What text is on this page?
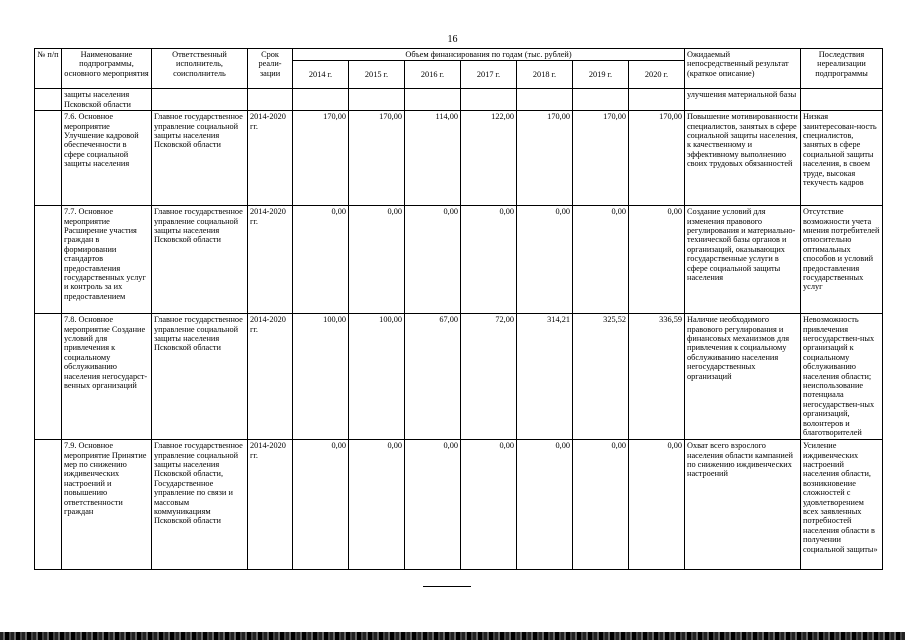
16
№ п/п	Наименование подпрограммы, основного мероприятия	Ответственный исполнитель, соисполнитель	Срок реали-зации	Объем финансирования по годам (тыс. рублей)							Ожидаемый непосредственный результат (краткое описание)	Последствия нереализации подпрограммы
				2014 г.	2015 г.	2016 г.	2017 г.	2018 г.	2019 г.	2020 г.		
	защиты населения Псковской области										улучшения материальной базы	
	7.6. Основное мероприятие Улучшение кадровой обеспеченности в сфере социальной защиты населения	Главное государственное управление социальной защиты населения Псковской области	2014-2020 гг.	170,00	170,00	114,00	122,00	170,00	170,00	170,00	Повышение мотивированности специалистов, занятых в сфере социальной защиты населения, к качественному и эффективному выполнению своих трудовых обязанностей	Низкая заинтересован-ность специалистов, занятых в сфере социальной защиты населения, в своем труде, высокая текучесть кадров
	7.7. Основное мероприятие Расширение участия граждан в формировании стандартов предоставления государственных услуг и контроль за их предоставлением	Главное государственное управление социальной защиты населения Псковской области	2014-2020 гг.	0,00	0,00	0,00	0,00	0,00	0,00	0,00	Создание условий для изменения правового регулирования и материально-технической базы органов и организаций, оказывающих государственные услуги в сфере социальной защиты населения	Отсутствие возможности учета мнения потребителей относительно оптимальных способов и условий предоставления государственных услуг
	7.8. Основное мероприятие Создание условий для привлечения к социальному обслуживанию населения негосударст-венных организаций	Главное государственное управление социальной защиты населения Псковской области	2014-2020 гг.	100,00	100,00	67,00	72,00	314,21	325,52	336,59	Наличие необходимого правового регулирования и финансовых механизмов для привлечения к социальному обслуживанию населения негосударственных организаций	Невозможность привлечения негосударствен-ных организаций к социальному обслуживанию населения области; неиспользование потенциала негосударствен-ных организаций, волонтеров и благотворителей
	7.9. Основное мероприятие Принятие мер по снижению иждивенческих настроений и повышению ответственности граждан	Главное государственное управление социальной защиты населения Псковской области, Государственное управление по связи и массовым коммуникациям Псковской области	2014-2020 гг.	0,00	0,00	0,00	0,00	0,00	0,00	0,00	Охват всего взрослого населения области кампанией по снижению иждивенческих настроений	Усиление иждивенческих настроений населения области, возникновение сложностей с удовлетворением всех заявленных потребностей населения области в получении социальной защиты»
